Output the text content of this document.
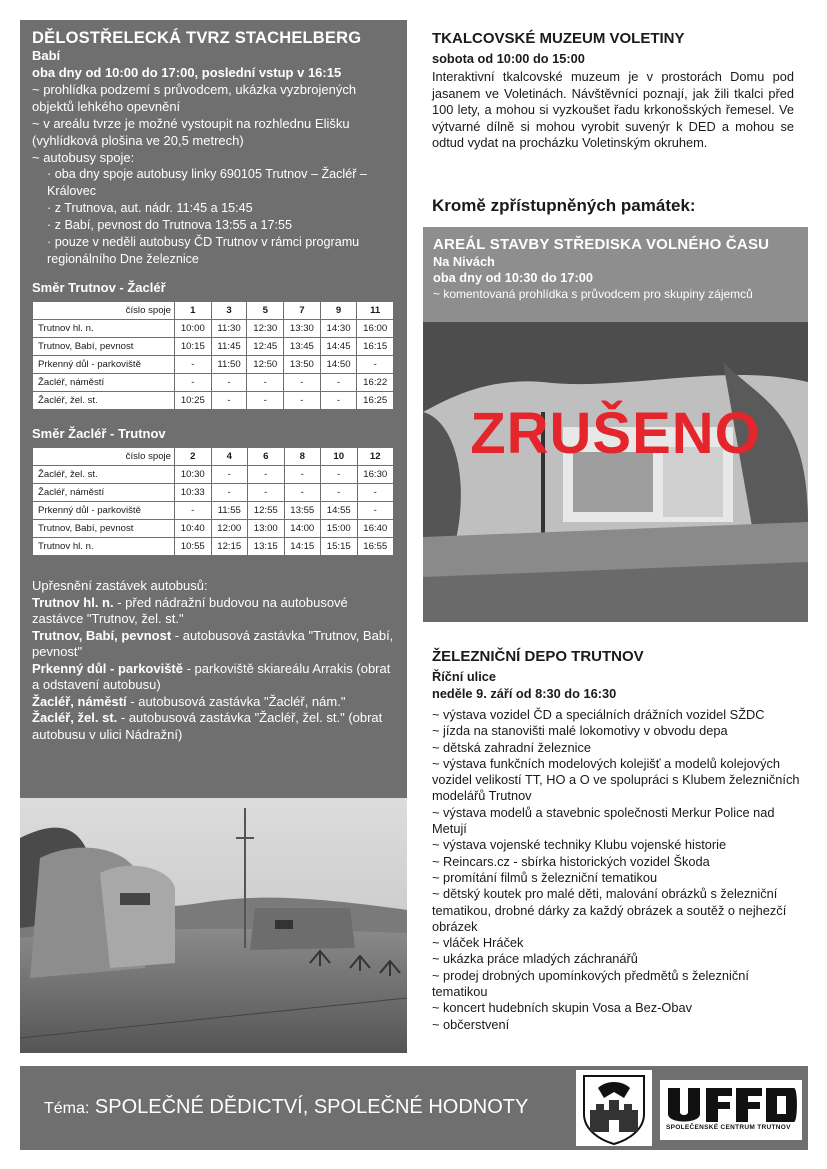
DĚLOSTŘELECKÁ TVRZ STACHELBERG
Babí
oba dny od 10:00 do 17:00, poslední vstup v 16:15
~ prohlídka podzemí s průvodcem, ukázka vyzbrojených objektů lehkého opevnění
~ v areálu tvrze je možné vystoupit na rozhlednu Elišku (vyhlídková plošina ve 20,5 metrech)
~ autobusy spoje:
· oba dny spoje autobusy linky 690105 Trutnov – Žacléř – Královec
· z Trutnova, aut. nádr. 11:45 a 15:45
· z Babí, pevnost do Trutnova 13:55 a 17:55
· pouze v neděli autobusy ČD Trutnov v rámci programu regionálního Dne železnice
Směr Trutnov - Žacléř
číslo spoje	1	3	5	7	9	11
Trutnov hl. n.	10:00	11:30	12:30	13:30	14:30	16:00
Trutnov, Babí, pevnost	10:15	11:45	12:45	13:45	14:45	16:15
Prkenný důl - parkoviště	-	11:50	12:50	13:50	14:50	-
Žacléř, náměstí	-	-	-	-	-	16:22
Žacléř, žel. st.	10:25	-	-	-	-	16:25
Směr Žacléř - Trutnov
číslo spoje	2	4	6	8	10	12
Žacléř, žel. st.	10:30	-	-	-	-	16:30
Žacléř, náměstí	10:33	-	-	-	-	-
Prkenný důl - parkoviště	-	11:55	12:55	13:55	14:55	-
Trutnov, Babí, pevnost	10:40	12:00	13:00	14:00	15:00	16:40
Trutnov hl. n.	10:55	12:15	13:15	14:15	15:15	16:55
Upřesnění zastávek autobusů:
Trutnov hl. n. - před nádražní budovou na autobusové zastávce "Trutnov, žel. st."
Trutnov, Babí, pevnost - autobusová zastávka "Trutnov, Babí, pevnost"
Prkenný důl - parkoviště - parkoviště skiareálu Arrakis (obrat a odstavení autobusu)
Žacléř, náměstí - autobusová zastávka "Žacléř, nám."
Žacléř, žel. st. - autobusová zastávka "Žacléř, žel. st." (obrat autobusu v ulici Nádražní)
TKALCOVSKÉ MUZEUM VOLETINY
sobota od 10:00 do 15:00
Interaktivní tkalcovské muzeum je v prostorách Domu pod jasanem ve Voletinách. Návštěvníci poznají, jak žili tkalci před 100 lety, a mohou si vyzkoušet řadu krkonošských řemesel. Ve výtvarné dílně si mohou vyrobit suvenýr k DED a mohou se odtud vydat na procházku Voletinským okruhem.
Kromě zpřístupněných památek:
AREÁL STAVBY STŘEDISKA VOLNÉHO ČASU
Na Nivách
oba dny od 10:30 do 17:00
~ komentovaná prohlídka s průvodcem pro skupiny zájemců
ZRUŠENO
ŽELEZNIČNÍ DEPO TRUTNOV
Říční ulice
neděle 9. září od 8:30 do 16:30
~ výstava vozidel ČD a speciálních drážních vozidel SŽDC
~ jízda na stanovišti malé lokomotivy v obvodu depa
~ dětská zahradní železnice
~ výstava funkčních modelových kolejišť a modelů kolejových vozidel velikostí TT, HO a O ve spolupráci s Klubem železničních modelářů Trutnov
~ výstava modelů a stavebnic společnosti Merkur Police nad Metují
~ výstava vojenské techniky Klubu vojenské historie
~ Reincars.cz - sbírka historických vozidel Škoda
~ promítání filmů s železniční tematikou
~ dětský koutek pro malé děti, malování obrázků s železniční tematikou, drobné dárky za každý obrázek a soutěž o nejhezčí obrázek
~ vláček Hráček
~ ukázka práce mladých záchranářů
~ prodej drobných upomínkových předmětů s železniční tematikou
~ koncert hudebních skupin Vosa a Bez-Obav
~ občerstvení
Téma: SPOLEČNÉ DĚDICTVÍ, SPOLEČNÉ HODNOTY
SPOLEČENSKÉ CENTRUM TRUTNOV
